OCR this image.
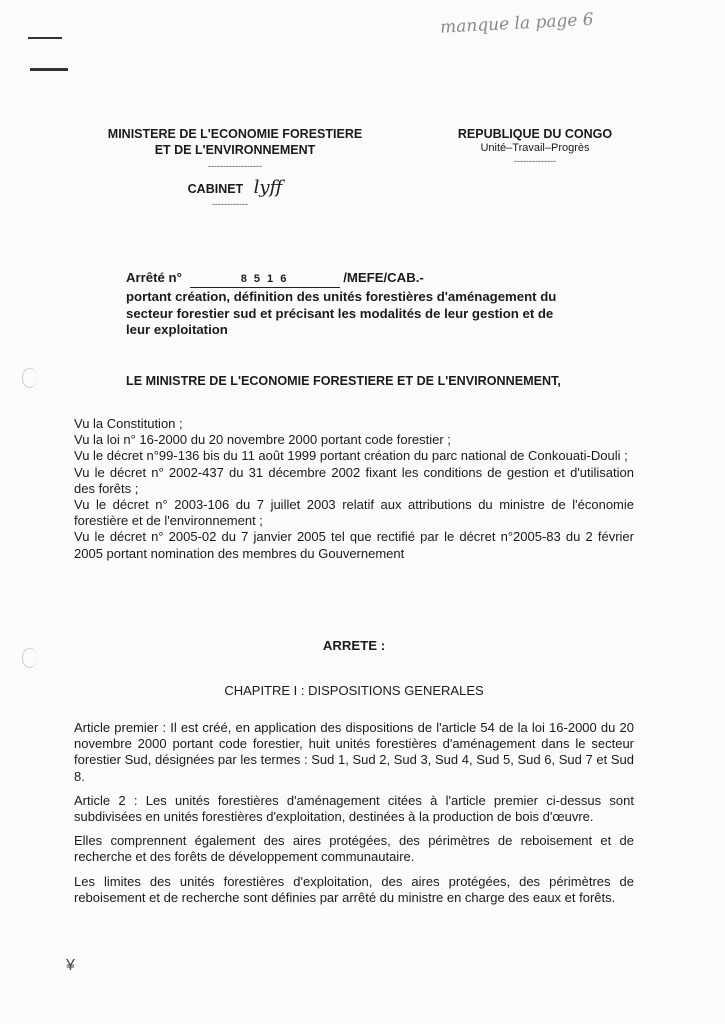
manque la page 6
MINISTERE DE L'ECONOMIE FORESTIERE
ET DE L'ENVIRONNEMENT
------------------
CABINET lyff
------------
REPUBLIQUE DU CONGO
Unité–Travail–Progrès
--------------
Arrêté n°	8 5 1 6	/MEFE/CAB.-
portant création, définition des unités forestières d'aménagement du
secteur forestier sud et précisant les modalités de leur gestion et de
leur exploitation
LE MINISTRE DE L'ECONOMIE FORESTIERE ET DE L'ENVIRONNEMENT,

Vu la Constitution ;

Vu la loi n° 16-2000 du 20 novembre 2000 portant code forestier ;

Vu le décret n°99-136 bis du 11 août 1999 portant création du parc national de Conkouati-Douli ;

Vu le décret n° 2002-437 du 31 décembre 2002 fixant les conditions de gestion et d'utilisation des forêts ;

Vu le décret n° 2003-106 du 7 juillet 2003 relatif aux attributions du ministre de l'économie forestière et de l'environnement ;

Vu le décret n° 2005-02 du 7 janvier 2005 tel que rectifié par le décret n°2005-83 du 2 février 2005 portant nomination des membres du Gouvernement

ARRETE :
CHAPITRE I : DISPOSITIONS GENERALES

Article premier : Il est créé, en application des dispositions de l'article 54 de la loi 16-2000 du 20 novembre 2000 portant code forestier, huit unités forestières d'aménagement dans le secteur forestier Sud, désignées par les termes : Sud 1, Sud 2, Sud 3, Sud 4, Sud 5, Sud 6, Sud 7 et Sud 8.

Article 2 : Les unités forestières d'aménagement citées à l'article premier ci-dessus sont subdivisées en unités forestières d'exploitation, destinées à la production de bois d'œuvre.

Elles comprennent également des aires protégées, des périmètres de reboisement et de recherche et des forêts de développement communautaire.

Les limites des unités forestières d'exploitation, des aires protégées, des périmètres de reboisement et de recherche sont définies par arrêté du ministre en charge des eaux et forêts.

¥
